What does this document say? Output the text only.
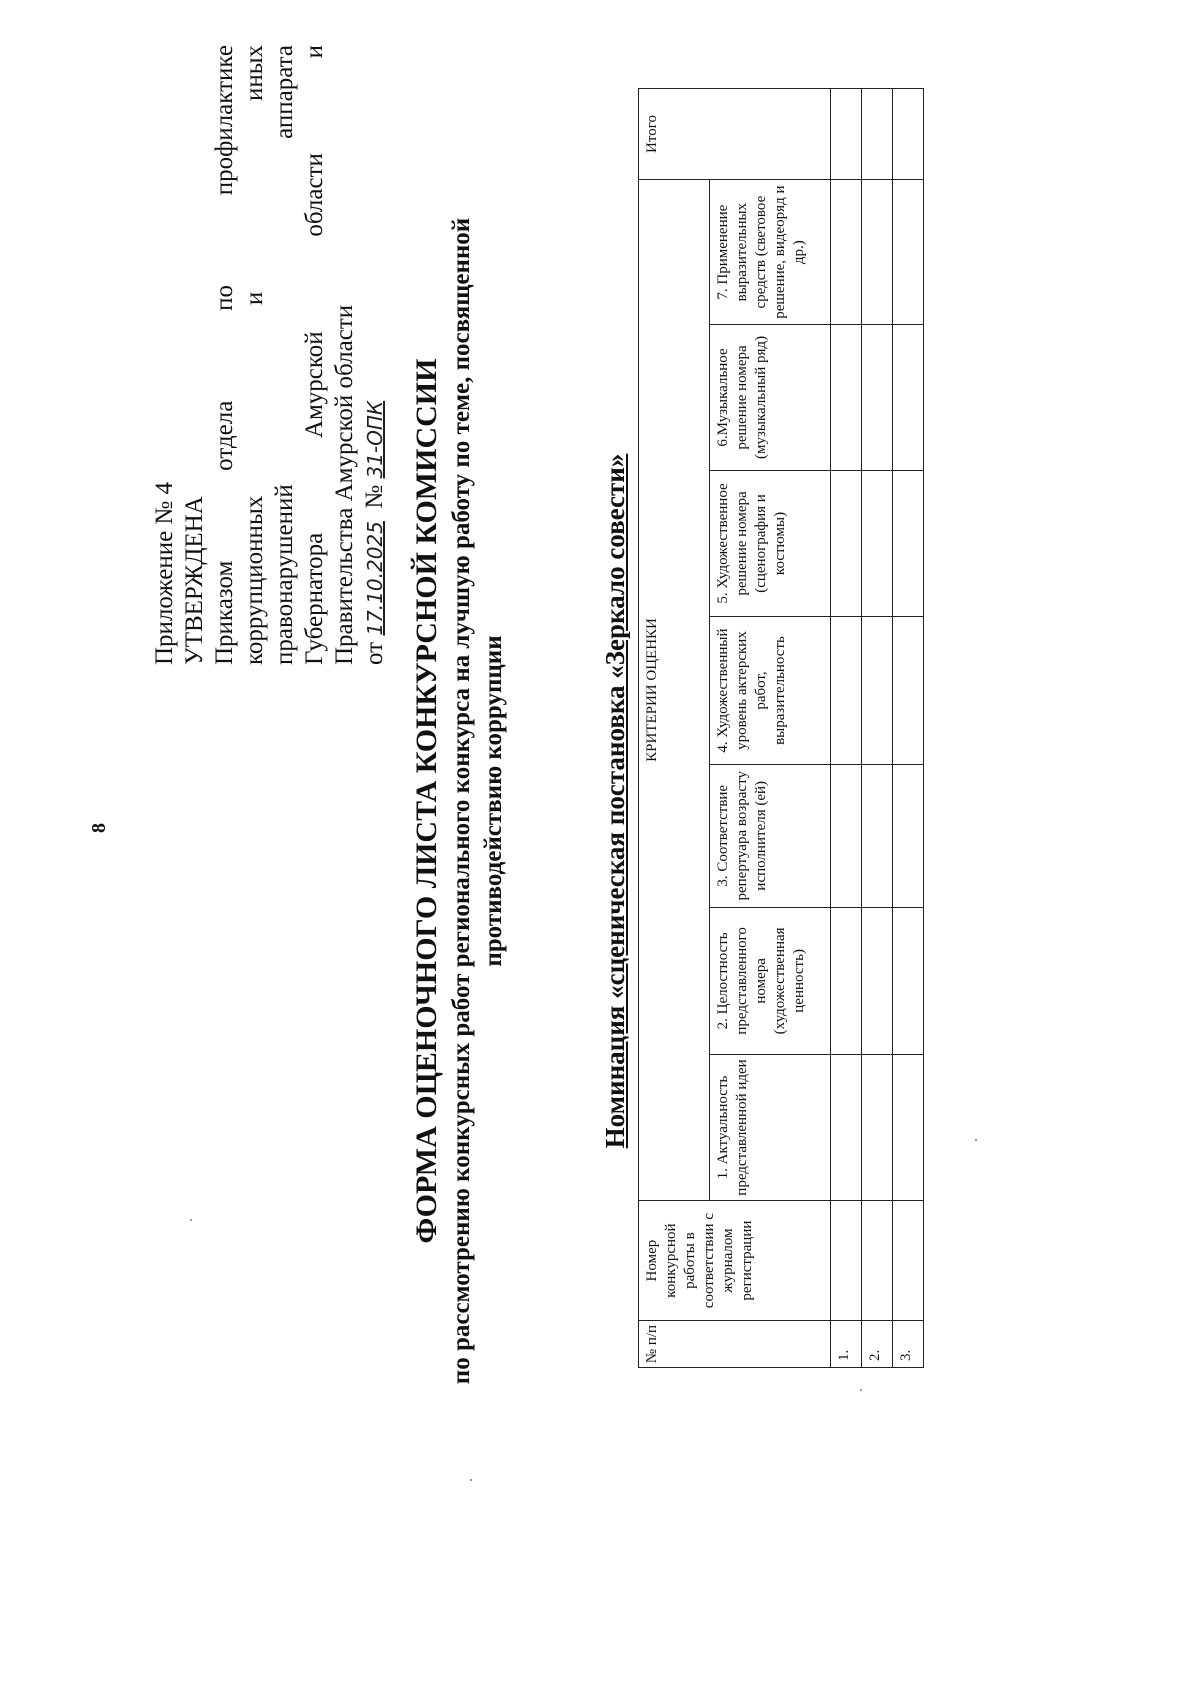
8
Приложение № 4 УТВЕРЖДЕНА Приказом отдела по профилактике коррупционных и иных правонарушений аппарата Губернатора Амурской области и Правительства Амурской области от 17.10.2025  № 31-ОПК ФОРМА ОЦЕНОЧНОГО ЛИСТА КОНКУРСНОЙ КОМИССИИ по рассмотрению конкурсных работ регионального конкурса на лучшую работу по теме, посвященной противодействию коррупции	Номинация «сценическая постановка «Зеркало совести»
№ п/п	Номер конкурсной работы в соответствии с журналом регистрации	КРИТЕРИИ ОЦЕНКИ							Итого
		1. Актуальность представленной идеи	2. Целостность представленного номера (художественная ценность)	3. Соответствие репертуара возрасту исполнителя (ей)	4. Художественный уровень актерских работ, выразительность	5. Художественное решение номера (сценография и костюмы)	6.Музыкальное решение номера (музыкальный ряд)	7. Применение выразительных средств (световое решение, видеоряд и др.)	
1.									
2.									
3.									
